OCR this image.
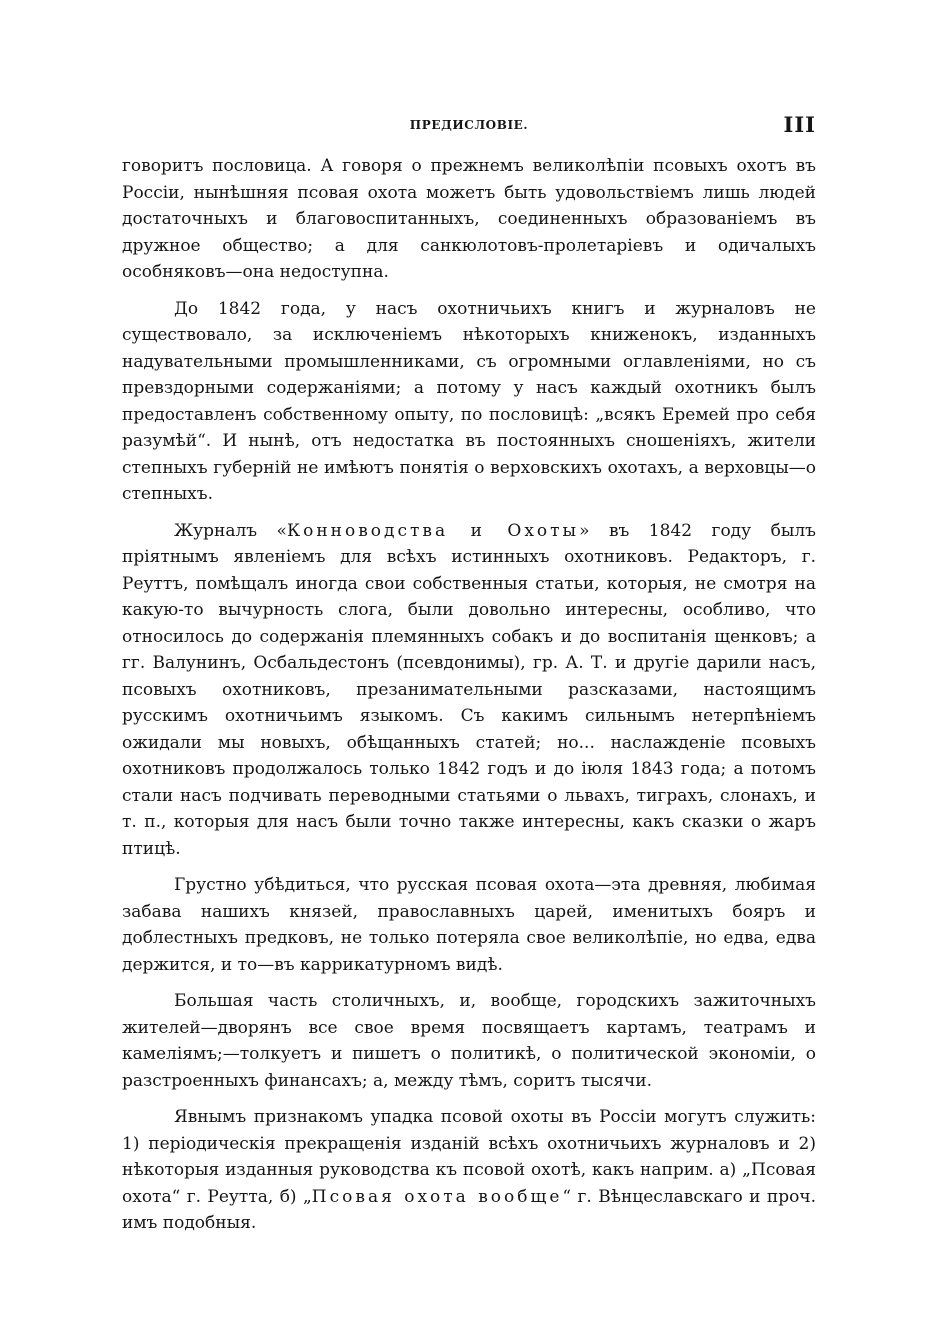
ПРЕДИСЛОВІЕ.	III

говоритъ пословица. А говоря о прежнемъ великолѣпіи псовыхъ охотъ въ Россіи, нынѣшняя псовая охота можетъ быть удовольствіемъ лишь людей достаточныхъ и благовоспитанныхъ, соединенныхъ образованіемъ въ дружное общество; а для санкюлотовъ-пролетаріевъ и одичалыхъ особняковъ—она недоступна.

До 1842 года, у насъ охотничьихъ книгъ и журналовъ не существовало, за исключеніемъ нѣкоторыхъ книженокъ, изданныхъ надувательными промышленниками, съ огромными оглавленіями, но съ превздорными содержаніями; а потому у насъ каждый охотникъ былъ предоставленъ собственному опыту, по пословицѣ: „всякъ Еремей про себя разумѣй“. И нынѣ, отъ недостатка въ постоянныхъ сношеніяхъ, жители степныхъ губерній не имѣютъ понятія о верховскихъ охотахъ, а верховцы—о степныхъ.

Журналъ «Конноводства и Охоты» въ 1842 году былъ пріятнымъ явленіемъ для всѣхъ истинныхъ охотниковъ. Редакторъ, г. Реуттъ, помѣщалъ иногда свои собственныя статьи, которыя, не смотря на какую-то вычурность слога, были довольно интересны, особливо, что относилось до содержанія племянныхъ собакъ и до воспитанія щенковъ; а гг. Валунинъ, Осбальдестонъ (псевдонимы), гр. А. Т. и другіе дарили насъ, псовыхъ охотниковъ, презанимательными разсказами, настоящимъ русскимъ охотничьимъ языкомъ. Съ какимъ сильнымъ нетерпѣніемъ ожидали мы новыхъ, обѣщанныхъ статей; но... наслажденіе псовыхъ охотниковъ продолжалось только 1842 годъ и до іюля 1843 года; а потомъ стали насъ подчивать переводными статьями о львахъ, тиграхъ, слонахъ, и т. п., которыя для насъ были точно также интересны, какъ сказки о жаръ птицѣ.

Грустно убѣдиться, что русская псовая охота—эта древняя, любимая забава нашихъ князей, православныхъ царей, именитыхъ бояръ и доблестныхъ предковъ, не только потеряла свое великолѣпіе, но едва, едва держится, и то—въ каррикатурномъ видѣ.

Большая часть столичныхъ, и, вообще, городскихъ зажиточныхъ жителей—дворянъ все свое время посвящаетъ картамъ, театрамъ и камеліямъ;—толкуетъ и пишетъ о политикѣ, о политической экономіи, о разстроенныхъ финансахъ; а, между тѣмъ, соритъ тысячи.

Явнымъ признакомъ упадка псовой охоты въ Россіи могутъ служить: 1) періодическія прекращенія изданій всѣхъ охотничьихъ журналовъ и 2) нѣкоторыя изданныя руководства къ псовой охотѣ, какъ наприм. а) „Псовая охота“ г. Реутта, б) „Псовая охота вообще“ г. Вѣнцеславскаго и проч. имъ подобныя.
